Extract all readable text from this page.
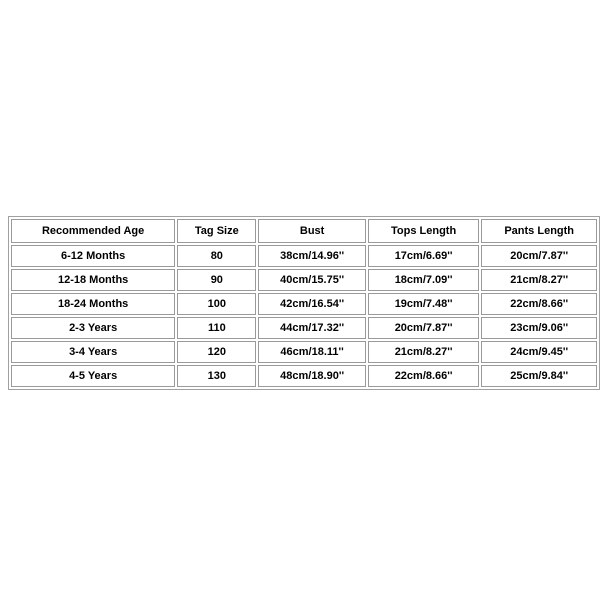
Recommended Age	Tag Size	Bust	Tops Length	Pants Length
6-12 Months	80	38cm/14.96''	17cm/6.69''	20cm/7.87''
12-18 Months	90	40cm/15.75''	18cm/7.09''	21cm/8.27''
18-24 Months	100	42cm/16.54''	19cm/7.48''	22cm/8.66''
2-3 Years	110	44cm/17.32''	20cm/7.87''	23cm/9.06''
3-4 Years	120	46cm/18.11''	21cm/8.27''	24cm/9.45''
4-5 Years	130	48cm/18.90''	22cm/8.66''	25cm/9.84''
